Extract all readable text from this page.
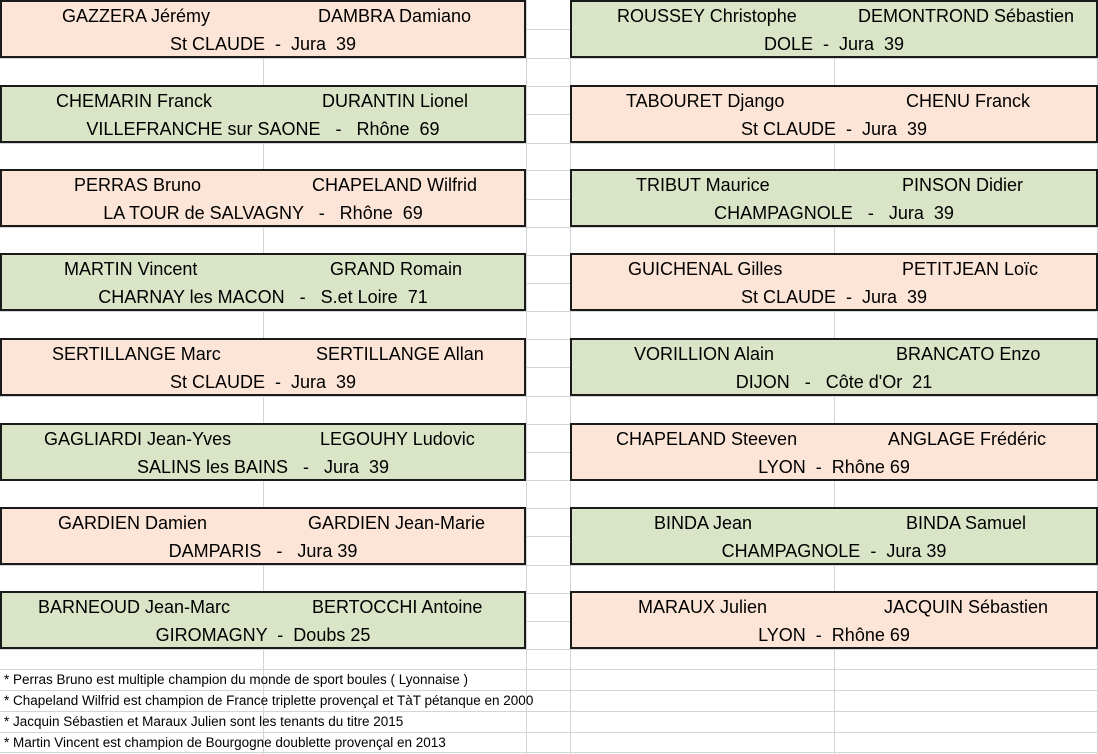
GAZZERA Jérémy	DAMBRA Damiano
St CLAUDE  -  Jura  39
CHEMARIN Franck	DURANTIN Lionel
VILLEFRANCHE sur SAONE   -   Rhône  69
PERRAS Bruno	CHAPELAND Wilfrid
LA TOUR de SALVAGNY   -   Rhône  69
MARTIN Vincent	GRAND Romain
CHARNAY les MACON   -   S.et Loire  71
SERTILLANGE Marc	SERTILLANGE Allan
St CLAUDE  -  Jura  39
GAGLIARDI Jean-Yves	LEGOUHY Ludovic
SALINS les BAINS   -   Jura  39
GARDIEN Damien	GARDIEN Jean-Marie
DAMPARIS   -   Jura 39
BARNEOUD Jean-Marc	BERTOCCHI Antoine
GIROMAGNY  -  Doubs 25
ROUSSEY Christophe	DEMONTROND Sébastien
DOLE  -  Jura  39
TABOURET Django	CHENU Franck
St CLAUDE  -  Jura  39
TRIBUT Maurice	PINSON Didier
CHAMPAGNOLE   -   Jura  39
GUICHENAL Gilles	PETITJEAN Loïc
St CLAUDE  -  Jura  39
VORILLION Alain	BRANCATO Enzo
DIJON   -   Côte d'Or  21
CHAPELAND Steeven	ANGLAGE Frédéric
LYON  -  Rhône 69
BINDA Jean	BINDA Samuel
CHAMPAGNOLE  -  Jura 39
MARAUX Julien	JACQUIN Sébastien
LYON  -  Rhône 69
* Perras Bruno est multiple champion du monde de sport boules ( Lyonnaise )
* Chapeland Wilfrid est champion de France triplette provençal et TàT pétanque en 2000
* Jacquin Sébastien et Maraux Julien sont les tenants du titre 2015
* Martin Vincent est champion de Bourgogne doublette provençal en 2013
